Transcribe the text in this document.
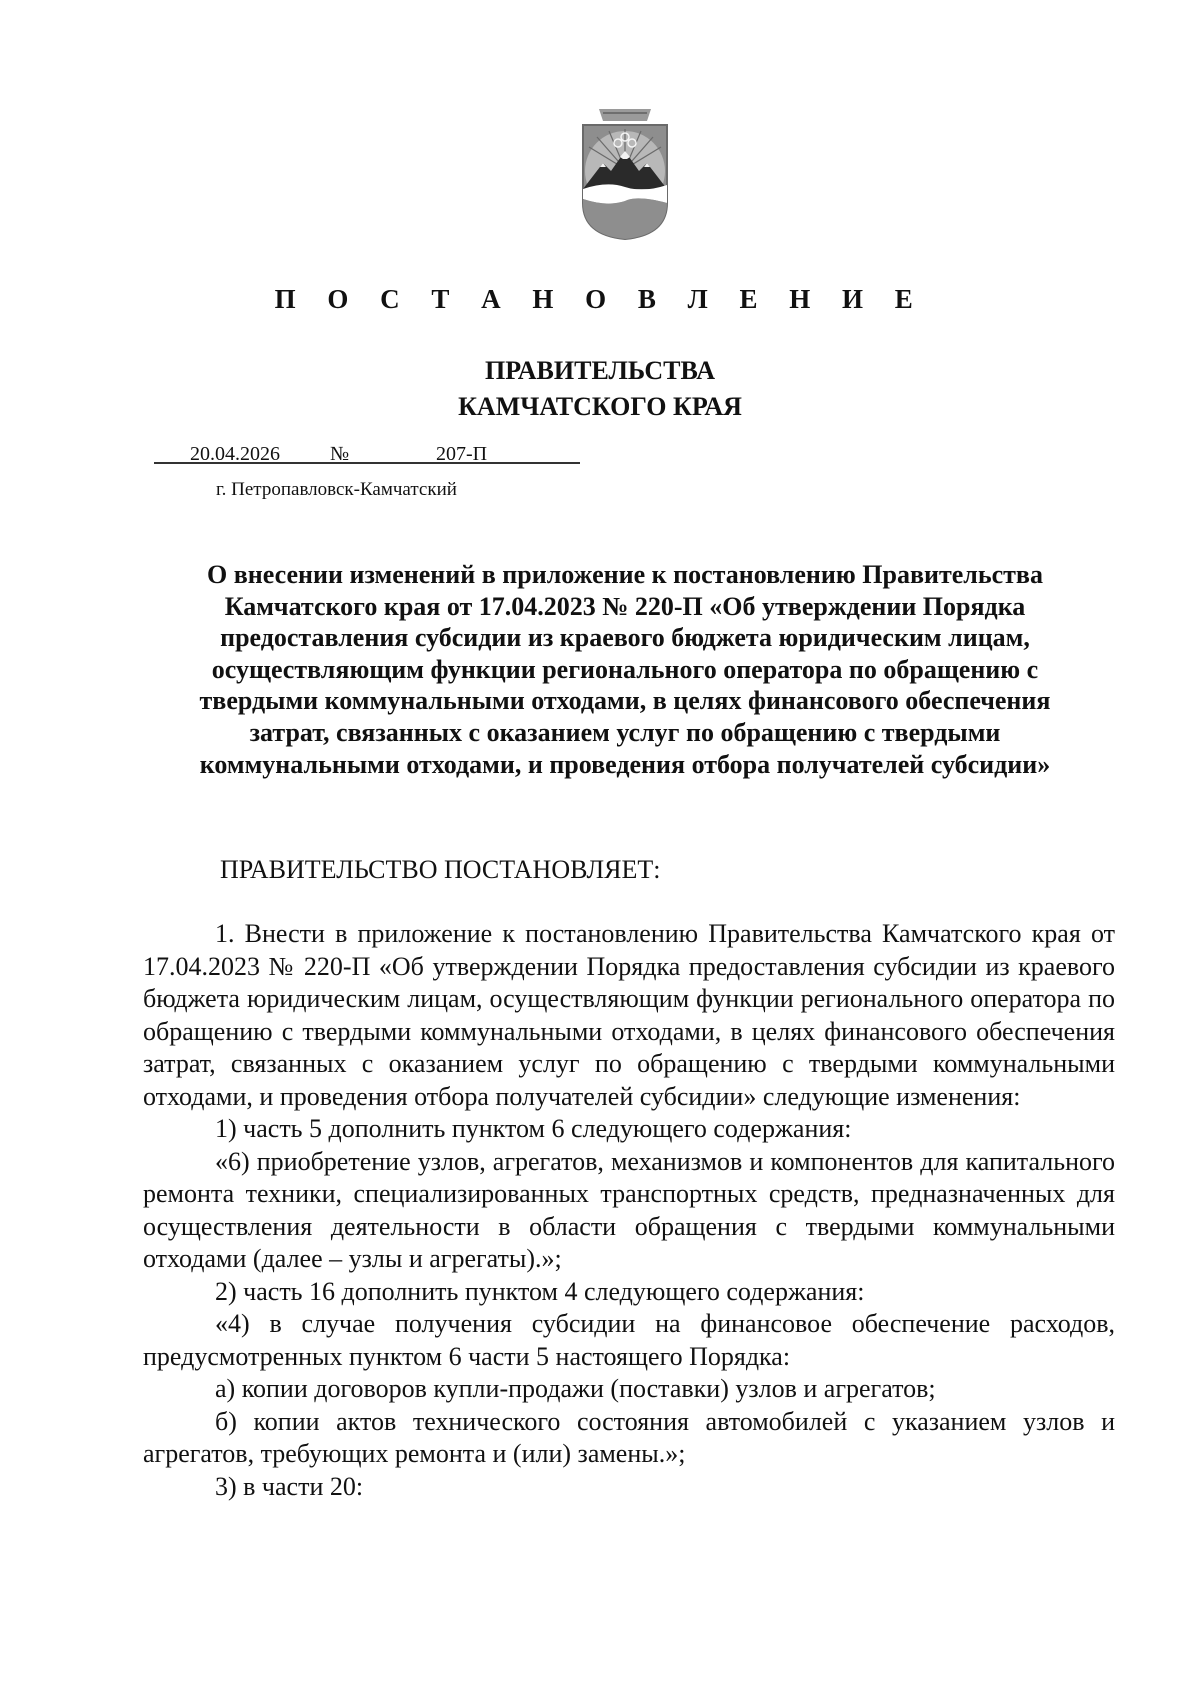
П О С Т А Н О В Л Е Н И Е
ПРАВИТЕЛЬСТВА
КАМЧАТСКОГО КРАЯ
20.04.2026	№	207-П
г. Петропавловск-Камчатский
О внесении изменений в приложение к постановлению Правительства
Камчатского края от 17.04.2023 № 220-П «Об утверждении Порядка
предоставления субсидии из краевого бюджета юридическим лицам,
осуществляющим функции регионального оператора по обращению с
твердыми коммунальными отходами, в целях финансового обеспечения
затрат, связанных с оказанием услуг по обращению с твердыми
коммунальными отходами, и проведения отбора получателей субсидии»
ПРАВИТЕЛЬСТВО ПОСТАНОВЛЯЕТ:

1. Внести в приложение к постановлению Правительства Камчатского края от 17.04.2023 № 220-П «Об утверждении Порядка предоставления субсидии из краевого бюджета юридическим лицам, осуществляющим функции регионального оператора по обращению с твердыми коммунальными отходами, в целях финансового обеспечения затрат, связанных с оказанием услуг по обращению с твердыми коммунальными отходами, и проведения отбора получателей субсидии» следующие изменения:

1) часть 5 дополнить пунктом 6 следующего содержания:

«6) приобретение узлов, агрегатов, механизмов и компонентов для капитального ремонта техники, специализированных транспортных средств, предназначенных для осуществления деятельности в области обращения с твердыми коммунальными отходами (далее – узлы и агрегаты).»;

2) часть 16 дополнить пунктом 4 следующего содержания:

«4) в случае получения субсидии на финансовое обеспечение расходов, предусмотренных пунктом 6 части 5 настоящего Порядка:

а) копии договоров купли-продажи (поставки) узлов и агрегатов;

б) копии актов технического состояния автомобилей с указанием узлов и агрегатов, требующих ремонта и (или) замены.»;

3) в части 20:
